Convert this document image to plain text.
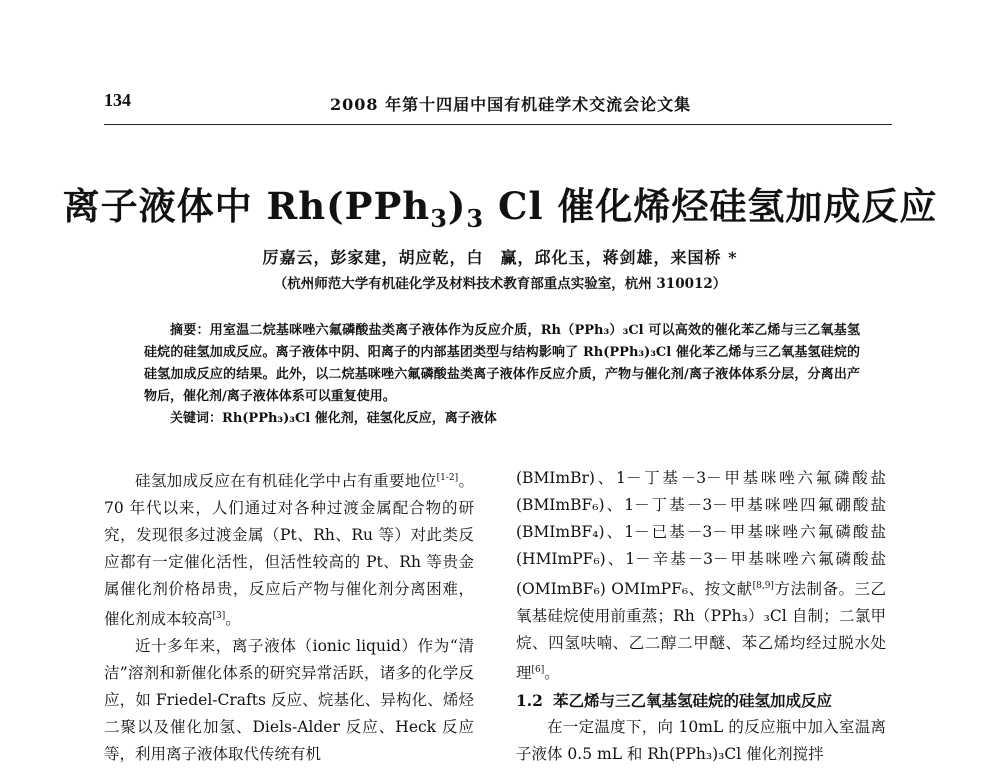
134	2008 年第十四届中国有机硅学术交流会论文集
离子液体中 $Rh(PPh_3)_3$ Cl 催化烯烃硅氢加成反应
厉嘉云，彭家建，胡应乾，白　赢，邱化玉，蒋剑雄，来国桥 *
（杭州师范大学有机硅化学及材料技术教育部重点实验室，杭州 310012）

摘要：用室温二烷基咪唑六氟磷酸盐类离子液体作为反应介质，Rh（PPh₃）₃Cl 可以高效的催化苯乙烯与三乙氧基氢硅烷的硅氢加成反应。离子液体中阴、阳离子的内部基团类型与结构影响了 Rh(PPh₃)₃Cl 催化苯乙烯与三乙氧基氢硅烷的硅氢加成反应的结果。此外，以二烷基咪唑六氟磷酸盐类离子液体作反应介质，产物与催化剂/离子液体体系分层，分离出产物后，催化剂/离子液体体系可以重复使用。

关键词：Rh(PPh₃)₃Cl 催化剂，硅氢化反应，离子液体

硅氢加成反应在有机硅化学中占有重要地位[1-2]。70 年代以来，人们通过对各种过渡金属配合物的研究，发现很多过渡金属（Pt、Rh、Ru 等）对此类反应都有一定催化活性，但活性较高的 Pt、Rh 等贵金属催化剂价格昂贵，反应后产物与催化剂分离困难，催化剂成本较高[3]。

近十多年来，离子液体（ionic liquid）作为“清洁”溶剂和新催化体系的研究异常活跃，诸多的化学反应，如 Friedel-Crafts 反应、烷基化、异构化、烯烃二聚以及催化加氢、Diels-Alder 反应、Heck 反应等，利用离子液体取代传统有机

(BMImBr)、1－丁基－3－甲基咪唑六氟磷酸盐(BMImBF₆)、1－丁基－3－甲基咪唑四氟硼酸盐(BMImBF₄)、1－已基－3－甲基咪唑六氟磷酸盐(HMImPF₆)、1－辛基－3－甲基咪唑六氟磷酸盐(OMImBF₆) OMImPF₆、按文献[8,9]方法制备。三乙氧基硅烷使用前重蒸；Rh（PPh₃）₃Cl 自制；二氯甲烷、四氢呋喃、乙二醇二甲醚、苯乙烯均经过脱水处理[6]。

1.2 苯乙烯与三乙氧基氢硅烷的硅氢加成反应

在一定温度下，向 10mL 的反应瓶中加入室温离子液体 0.5 mL 和 Rh(PPh₃)₃Cl 催化剂搅拌
